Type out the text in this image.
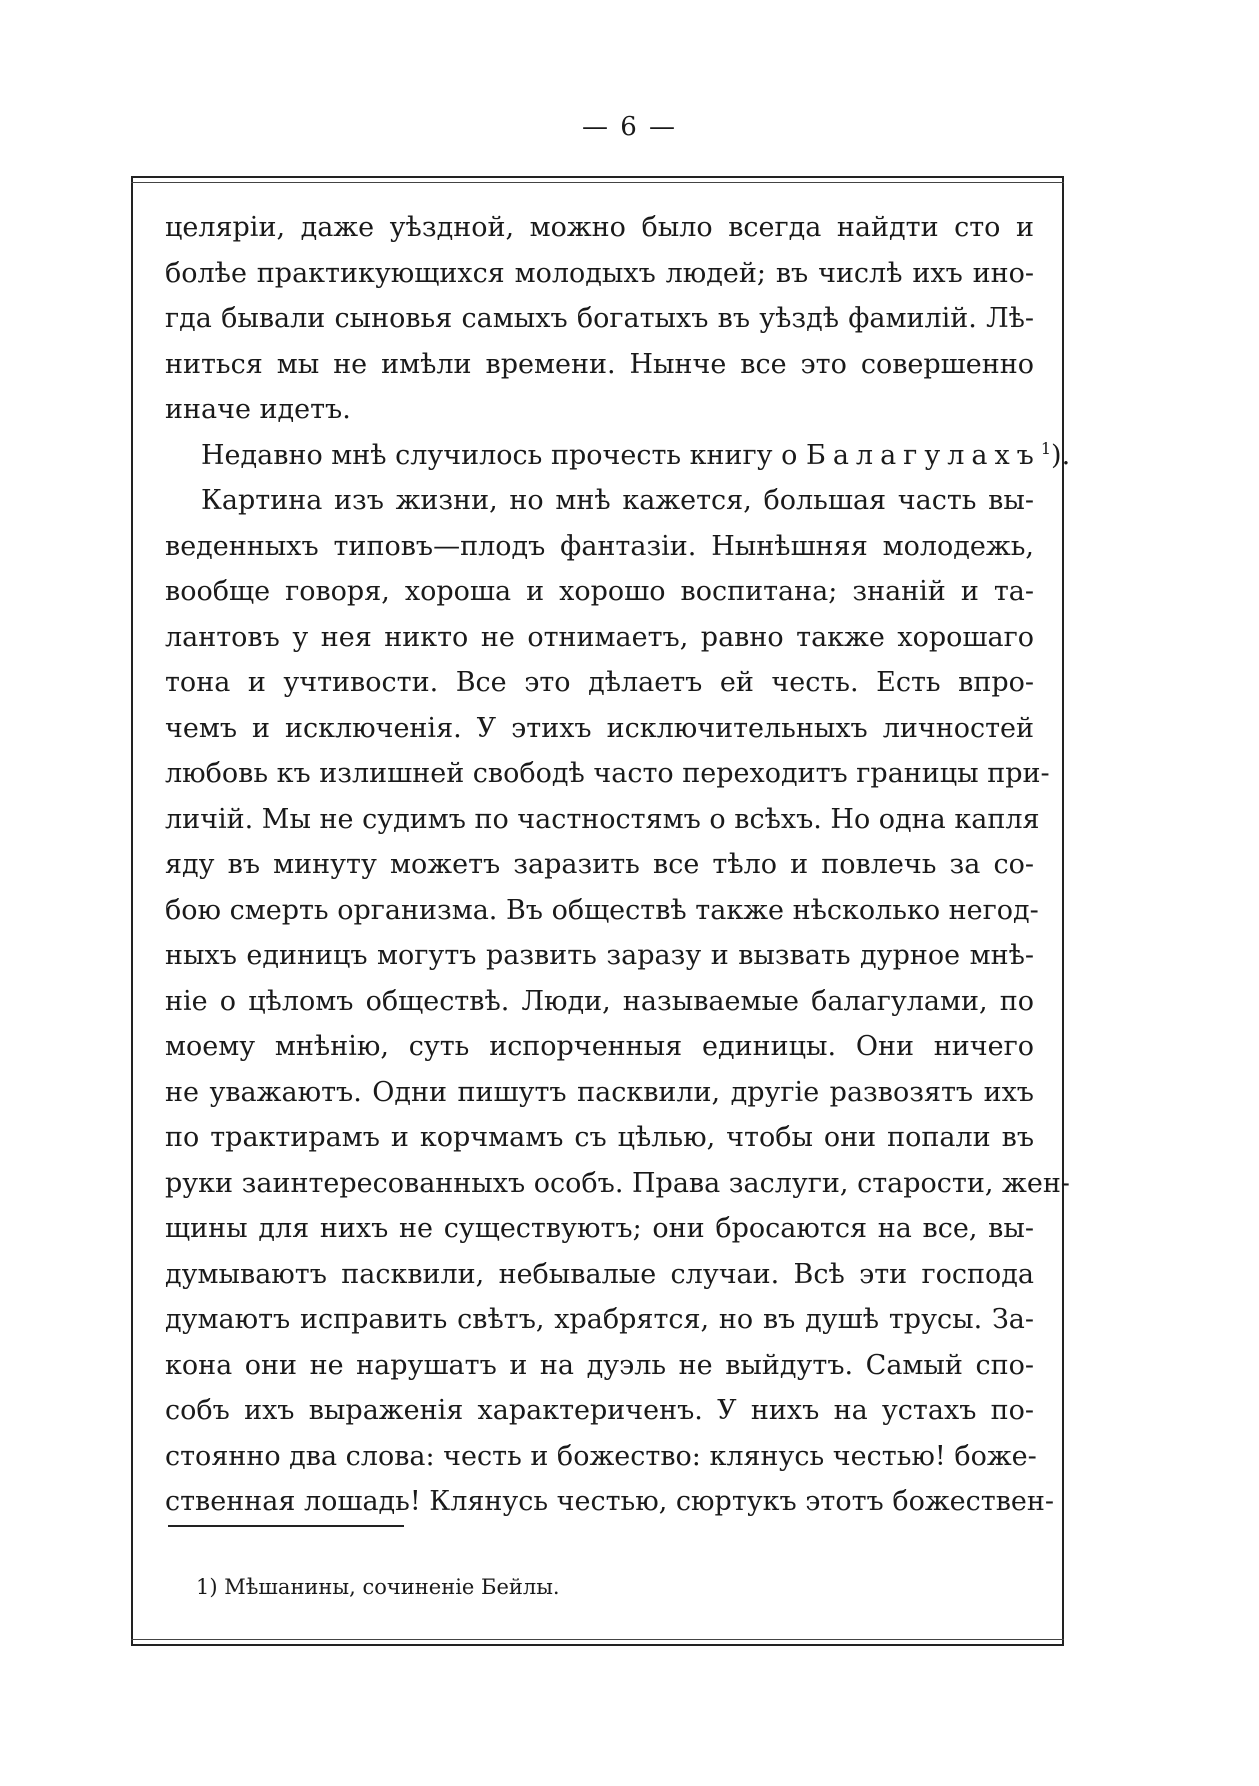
— 6 —
целяріи, даже уѣздной, можно было всегда найдти сто и
болѣе практикующихся молодыхъ людей; въ числѣ ихъ ино-
гда бывали сыновья самыхъ богатыхъ въ уѣздѣ фамилій. Лѣ-
ниться мы не имѣли времени. Нынче все это совершенно
иначе идетъ.
Недавно мнѣ случилось прочесть книгу о Балагулахъ$^1$).
Картина изъ жизни, но мнѣ кажется, большая часть вы-
веденныхъ типовъ—плодъ фантазіи. Нынѣшняя молодежь,
вообще говоря, хороша и хорошо воспитана; знаній и та-
лантовъ у нея никто не отнимаетъ, равно также хорошаго
тона и учтивости. Все это дѣлаетъ ей честь. Есть впро-
чемъ и исключенія. У этихъ исключительныхъ личностей
любовь къ излишней свободѣ часто переходитъ границы при-
личій. Мы не судимъ по частностямъ о всѣхъ. Но одна капля
яду въ минуту можетъ заразить все тѣло и повлечь за со-
бою смерть организма. Въ обществѣ также нѣсколько негод-
ныхъ единицъ могутъ развить заразу и вызвать дурное мнѣ-
ніе о цѣломъ обществѣ. Люди, называемые балагулами, по
моему мнѣнію, суть испорченныя единицы. Они ничего
не уважаютъ. Одни пишутъ пасквили, другіе развозятъ ихъ
по трактирамъ и корчмамъ съ цѣлью, чтобы они попали въ
руки заинтересованныхъ особъ. Права заслуги, старости, жен-
щины для нихъ не существуютъ; они бросаются на все, вы-
думываютъ пасквили, небывалые случаи. Всѣ эти господа
думаютъ исправить свѣтъ, храбрятся, но въ душѣ трусы. За-
кона они не нарушатъ и на дуэль не выйдутъ. Самый спо-
собъ ихъ выраженія характериченъ. У нихъ на устахъ по-
стоянно два слова: честь и божество: клянусь честью! боже-
ственная лошадь! Клянусь честью, сюртукъ этотъ божествен-
1) Мѣшанины, сочиненіе Бейлы.
